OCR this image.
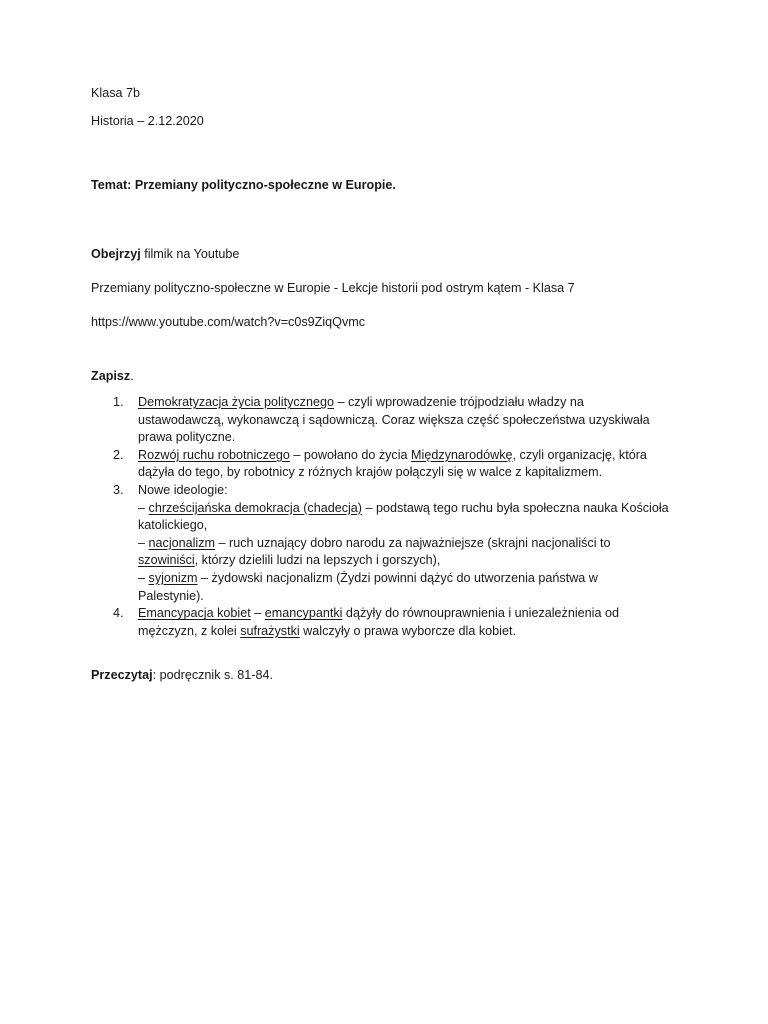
Klasa 7b
Historia – 2.12.2020
Temat: Przemiany polityczno-społeczne w Europie.
Obejrzyj filmik na Youtube
Przemiany polityczno-społeczne w Europie - Lekcje historii pod ostrym kątem - Klasa 7
https://www.youtube.com/watch?v=c0s9ZiqQvmc
Zapisz.
1. Demokratyzacja życia politycznego – czyli wprowadzenie trójpodziału władzy na
ustawodawczą, wykonawczą i sądowniczą. Coraz większa część społeczeństwa uzyskiwała
prawa polityczne.
2. Rozwój ruchu robotniczego – powołano do życia Międzynarodówkę, czyli organizację, która
dążyła do tego, by robotnicy z różnych krajów połączyli się w walce z kapitalizmem.
3. Nowe ideologie:
– chrześcijańska demokracja (chadecja) – podstawą tego ruchu była społeczna nauka Kościoła
katolickiego,
– nacjonalizm – ruch uznający dobro narodu za najważniejsze (skrajni nacjonaliści to
szowiniści, którzy dzielili ludzi na lepszych i gorszych),
– syjonizm – żydowski nacjonalizm (Żydzi powinni dążyć do utworzenia państwa w
Palestynie).
4. Emancypacja kobiet – emancypantki dążyły do równouprawnienia i uniezależnienia od
mężczyzn, z kolei sufrażystki walczyły o prawa wyborcze dla kobiet.
Przeczytaj: podręcznik s. 81-84.
